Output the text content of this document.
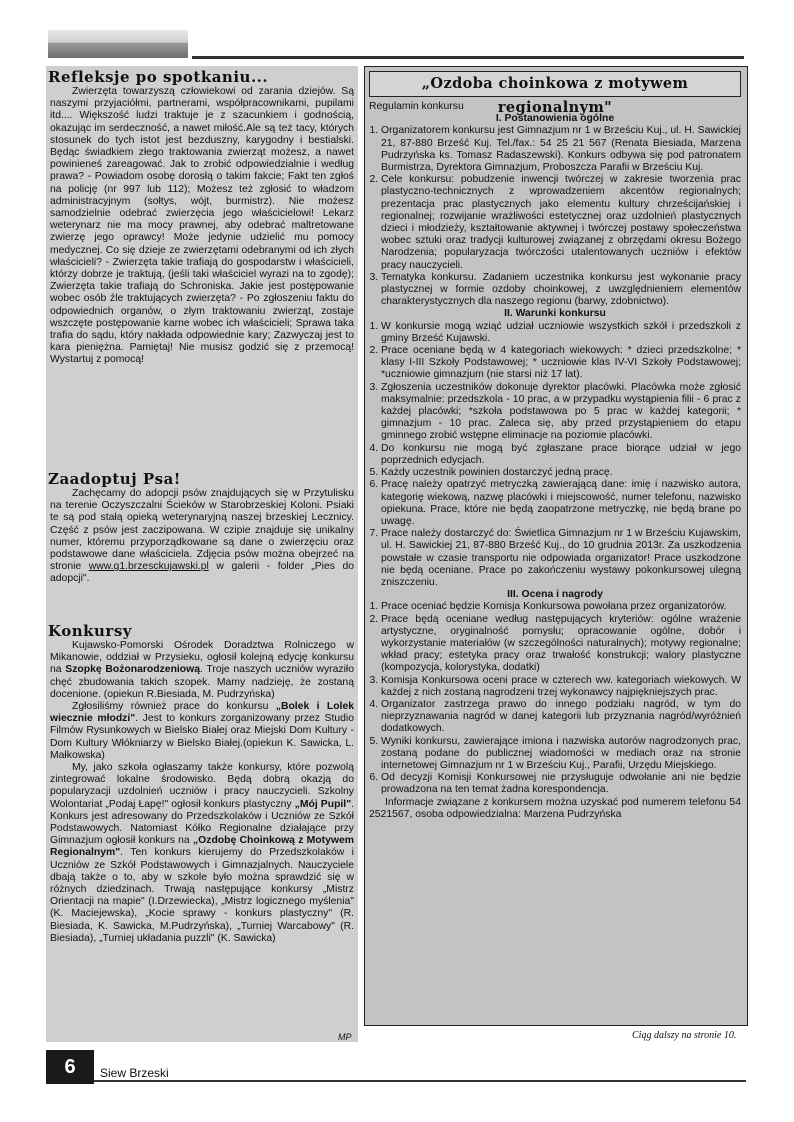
Refleksje po spotkaniu...

Zwierzęta towarzyszą człowiekowi od zarania dziejów. Są naszymi przyjaciółmi, partnerami, współpracownikami, pupilami itd.... Większość ludzi traktuje je z szacunkiem i godnością, okazując im serdeczność, a nawet miłość.Ale są też tacy, których stosunek do tych istot jest bezduszny, karygodny i bestialski. Będąc świadkiem złego traktowania zwierząt możesz, a nawet powinieneś zareagować. Jak to zrobić odpowiedzialnie i według prawa? - Powiadom osobę dorosłą o takim fakcie; Fakt ten zgłoś na policję (nr 997 lub 112); Możesz też zgłosić to władzom administracyjnym (sołtys, wójt, burmistrz). Nie możesz samodzielnie odebrać zwierzęcia jego właścicielowi! Lekarz weterynarz nie ma mocy prawnej, aby odebrać maltretowane zwierzę jego oprawcy! Może jedynie udzielić mu pomocy medycznej. Co się dzieje ze zwierzętami odebranymi od ich złych właścicieli? - Zwierzęta takie trafiają do gospodarstw i właścicieli, którzy dobrze je traktują, (jeśli taki właściciel wyrazi na to zgodę); Zwierzęta takie trafiają do Schroniska. Jakie jest postępowanie wobec osób źle traktujących zwierzęta? - Po zgłoszeniu faktu do odpowiednich organów, o złym traktowaniu zwierząt, zostaje wszczęte postępowanie karne wobec ich właścicieli; Sprawa taka trafia do sądu, który nakłada odpowiednie kary; Zazwyczaj jest to kara pieniężna. Pamiętaj! Nie musisz godzić się z przemocą! Wystartuj z pomocą!

Zaadoptuj Psa!

Zachęcamy do adopcji psów znajdujących się w Przytulisku na terenie Oczyszczalni Ścieków w Starobrzeskiej Koloni. Psiaki te są pod stałą opieką weterynaryjną naszej brzeskiej Lecznicy. Część z psów jest zaczipowana. W czipie znajduje się unikalny numer, któremu przyporządkowane są dane o zwierzęciu oraz podstawowe dane właściciela. Zdjęcia psów można obejrzeć na stronie www.g1.brzesckujawski.pl w galerii - folder „Pies do adopcji".

Konkursy

Kujawsko-Pomorski Ośrodek Doradztwa Rolniczego w Mikanowie, oddział w Przysieku, ogłosił kolejną edycję konkursu na Szopkę Bożonarodzeniową. Troje naszych uczniów wyraziło chęć zbudowania takich szopek. Mamy nadzieję, że zostaną docenione. (opiekun R.Biesiada, M. Pudrzyńska)

Zgłosiliśmy również prace do konkursu „Bolek i Lolek wiecznie młodzi". Jest to konkurs zorganizowany przez Studio Filmów Rysunkowych w Bielsko Białej oraz Miejski Dom Kultury - Dom Kultury Włókniarzy w Bielsko Białej.(opiekun K. Sawicka, L. Małkowska)

My, jako szkoła ogłaszamy także konkursy, które pozwolą zintegrować lokalne środowisko. Będą dobrą okazją do popularyzacji uzdolnień uczniów i pracy nauczycieli. Szkolny Wolontariat „Podaj Łapę!" ogłosił konkurs plastyczny „Mój Pupil". Konkurs jest adresowany do Przedszkolaków i Uczniów ze Szkół Podstawowych. Natomiast Kółko Regionalne działające przy Gimnazjum ogłosił konkurs na „Ozdobę Choinkową z Motywem Regionalnym". Ten konkurs kierujemy do Przedszkolaków i Uczniów ze Szkół Podstawowych i Gimnazjalnych. Nauczyciele dbają także o to, aby w szkole było można sprawdzić się w różnych dziedzinach. Trwają następujące konkursy „Mistrz Orientacji na mapie" (I.Drzewiecka), „Mistrz logicznego myślenia" (K. Maciejewska), „Kocie sprawy - konkurs plastyczny" (R. Biesiada, K. Sawicka, M.Pudrzyńska), „Turniej Warcabowy" (R. Biesiada), „Turniej układania puzzli" (K. Sawicka)

MP
„Ozdoba choinkowa z motywem regionalnym"

Regulamin konkursu

I. Postanowienia ogólne

1. Organizatorem konkursu jest Gimnazjum nr 1 w Brześciu Kuj., ul. H. Sawickiej 21, 87-880 Brześć Kuj. Tel./fax.: 54 25 21 567 (Renata Biesiada, Marzena Pudrzyńska ks. Tomasz Radaszewski). Konkurs odbywa się pod patronatem Burmistrza, Dyrektora Gimnazjum, Proboszcza Parafii w Brześciu Kuj.
2. Cele konkursu: pobudzenie inwencji twórczej w zakresie tworzenia prac plastyczno-technicznych z wprowadzeniem akcentów regionalnych; prezentacja prac plastycznych jako elementu kultury chrześcijańskiej i regionalnej; rozwijanie wrażliwości estetycznej oraz uzdolnień plastycznych dzieci i młodzieży, kształtowanie aktywnej i twórczej postawy społeczeństwa wobec sztuki oraz tradycji kulturowej związanej z obrzędami okresu Bożego Narodzenia; popularyzacja twórczości utalentowanych uczniów i efektów pracy nauczycieli.
3. Tematyka konkursu. Zadaniem uczestnika konkursu jest wykonanie pracy plastycznej w formie ozdoby choinkowej, z uwzględnieniem elementów charakterystycznych dla naszego regionu (barwy, zdobnictwo).

II. Warunki konkursu

1. W konkursie mogą wziąć udział uczniowie wszystkich szkół i przedszkoli z gminy Brześć Kujawski.
2. Prace oceniane będą w 4 kategoriach wiekowych: * dzieci przedszkolne; * klasy I-III Szkoły Podstawowej; * uczniowie klas IV-VI Szkoły Podstawowej; *uczniowie gimnazjum (nie starsi niż 17 lat).
3. Zgłoszenia uczestników dokonuje dyrektor placówki. Placówka może zgłosić maksymalnie: przedszkola - 10 prac, a w przypadku wystąpienia filii - 6 prac z każdej placówki; *szkoła podstawowa po 5 prac w każdej kategorii; * gimnazjum - 10 prac. Zaleca się, aby przed przystąpieniem do etapu gminnego zrobić wstępne eliminacje na poziomie placówki.
4. Do konkursu nie mogą być zgłaszane prace biorące udział w jego poprzednich edycjach.
5. Każdy uczestnik powinien dostarczyć jedną pracę.
6. Pracę należy opatrzyć metryczką zawierającą dane: imię i nazwisko autora, kategorię wiekową, nazwę placówki i miejscowość, numer telefonu, nazwisko opiekuna. Prace, które nie będą zaopatrzone metryczkę, nie będą brane po uwagę.
7. Prace należy dostarczyć do: Świetlica Gimnazjum nr 1 w Brześciu Kujawskim, ul. H. Sawickiej 21, 87-880 Brześć Kuj., do 10 grudnia 2013r. Za uszkodzenia powstałe w czasie transportu nie odpowiada organizator! Prace uszkodzone nie będą oceniane. Prace po zakończeniu wystawy pokonkursowej ulegną zniszczeniu.

III. Ocena i nagrody

1. Prace oceniać będzie Komisja Konkursowa powołana przez organizatorów.
2. Prace będą oceniane według następujących kryteriów: ogólne wrażenie artystyczne, oryginalność pomysłu; opracowanie ogólne, dobór i wykorzystanie materiałów (w szczególności naturalnych); motywy regionalne; wkład pracy; estetyka pracy oraz trwałość konstrukcji; walory plastyczne (kompozycja, kolorystyka, dodatki)
3. Komisja Konkursowa oceni prace w czterech ww. kategoriach wiekowych. W każdej z nich zostaną nagrodzeni trzej wykonawcy najpiękniejszych prac.
4. Organizator zastrzega prawo do innego podziału nagród, w tym do nieprzyznawania nagród w danej kategorii lub przyznania nagród/wyróżnień dodatkowych.
5. Wyniki konkursu, zawierające imiona i nazwiska autorów nagrodzonych prac, zostaną podane do publicznej wiadomości w mediach oraz na stronie internetowej Gimnazjum nr 1 w Brześciu Kuj., Parafii, Urzędu Miejskiego.
6. Od decyzji Komisji Konkursowej nie przysługuje odwołanie ani nie będzie prowadzona na ten temat żadna korespondencja.

Informacje związane z konkursem można uzyskać pod numerem telefonu 54 2521567, osoba odpowiedzialna: Marzena Pudrzyńska

Ciąg dalszy na stronie 10.
6	Siew Brzeski
